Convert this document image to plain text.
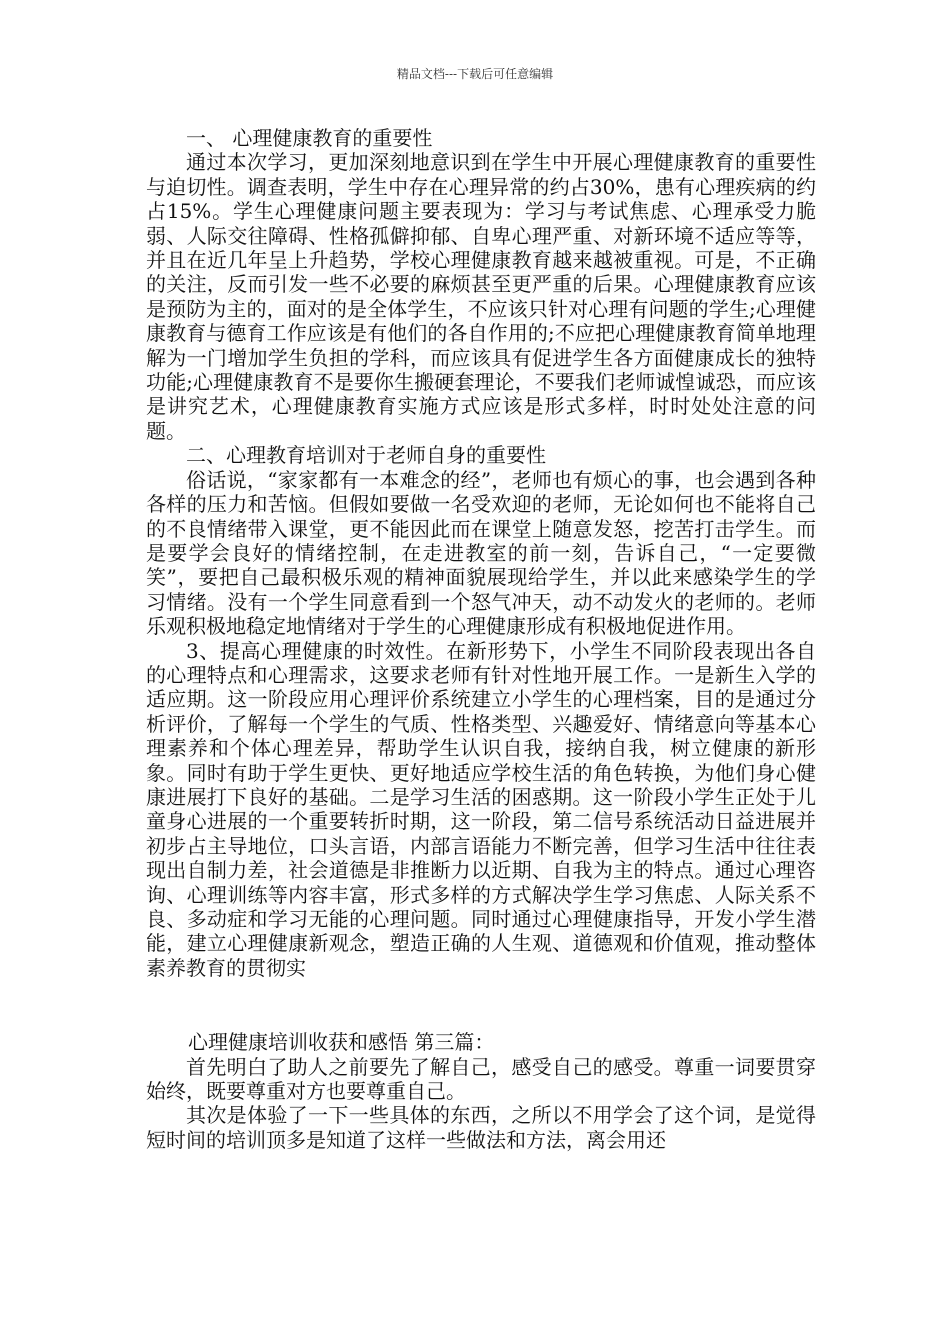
精品文档---下载后可任意编辑

一、 心理健康教育的重要性

通过本次学习，更加深刻地意识到在学生中开展心理健康教育的重要性与迫切性。调查表明，学生中存在心理异常的约占30%，患有心理疾病的约占15%。学生心理健康问题主要表现为：学习与考试焦虑、心理承受力脆弱、人际交往障碍、性格孤僻抑郁、自卑心理严重、对新环境不适应等等，并且在近几年呈上升趋势，学校心理健康教育越来越被重视。可是，不正确的关注，反而引发一些不必要的麻烦甚至更严重的后果。心理健康教育应该是预防为主的，面对的是全体学生，不应该只针对心理有问题的学生;心理健康教育与德育工作应该是有他们的各自作用的;不应把心理健康教育简单地理解为一门增加学生负担的学科，而应该具有促进学生各方面健康成长的独特功能;心理健康教育不是要你生搬硬套理论，不要我们老师诚惶诚恐，而应该是讲究艺术，心理健康教育实施方式应该是形式多样，时时处处注意的问题。

二、心理教育培训对于老师自身的重要性

俗话说，“家家都有一本难念的经”，老师也有烦心的事，也会遇到各种各样的压力和苦恼。但假如要做一名受欢迎的老师，无论如何也不能将自己的不良情绪带入课堂，更不能因此而在课堂上随意发怒，挖苦打击学生。而是要学会良好的情绪控制，在走进教室的前一刻，告诉自己，“一定要微笑”，要把自己最积极乐观的精神面貌展现给学生，并以此来感染学生的学习情绪。没有一个学生同意看到一个怒气冲天，动不动发火的老师的。老师乐观积极地稳定地情绪对于学生的心理健康形成有积极地促进作用。

3、提高心理健康的时效性。在新形势下，小学生不同阶段表现出各自的心理特点和心理需求，这要求老师有针对性地开展工作。一是新生入学的适应期。这一阶段应用心理评价系统建立小学生的心理档案，目的是通过分析评价，了解每一个学生的气质、性格类型、兴趣爱好、情绪意向等基本心理素养和个体心理差异，帮助学生认识自我，接纳自我，树立健康的新形象。同时有助于学生更快、更好地适应学校生活的角色转换，为他们身心健康进展打下良好的基础。二是学习生活的困惑期。这一阶段小学生正处于儿童身心进展的一个重要转折时期，这一阶段，第二信号系统活动日益进展并初步占主导地位，口头言语，内部言语能力不断完善，但学习生活中往往表现出自制力差，社会道德是非推断力以近期、自我为主的特点。通过心理咨询、心理训练等内容丰富，形式多样的方式解决学生学习焦虑、人际关系不良、多动症和学习无能的心理问题。同时通过心理健康指导，开发小学生潜能，建立心理健康新观念，塑造正确的人生观、道德观和价值观，推动整体素养教育的贯彻实

心理健康培训收获和感悟 第三篇：

首先明白了助人之前要先了解自己，感受自己的感受。尊重一词要贯穿始终，既要尊重对方也要尊重自己。

其次是体验了一下一些具体的东西，之所以不用学会了这个词，是觉得短时间的培训顶多是知道了这样一些做法和方法，离会用还
